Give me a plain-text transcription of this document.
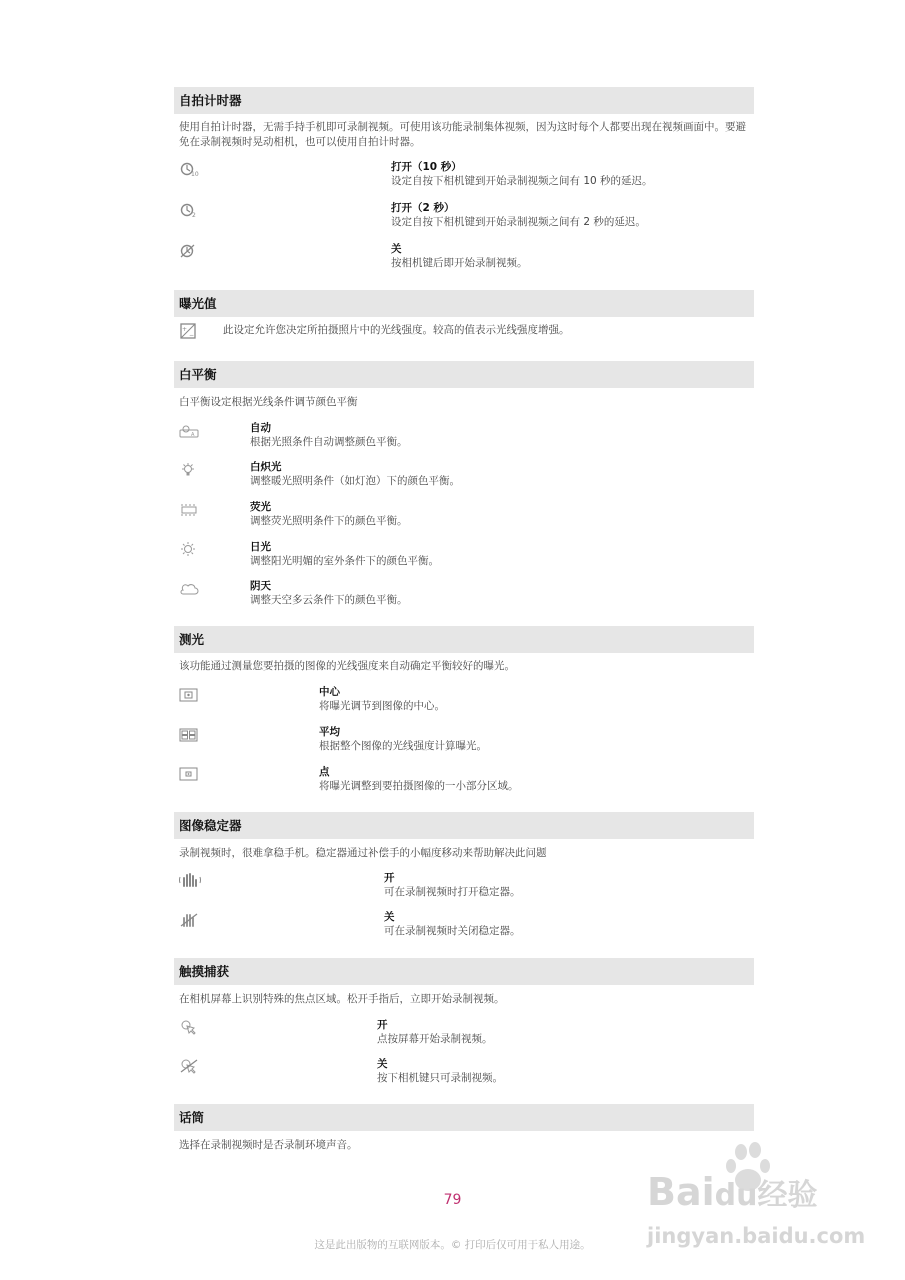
自拍计时器
使用自拍计时器，无需手持手机即可录制视频。可使用该功能录制集体视频，因为这时每个人都要出现在视频画面中。要避免在录制视频时晃动相机，也可以使用自拍计时器。
10
打开（10 秒）
设定自按下相机键到开始录制视频之间有 10 秒的延迟。
2
打开（2 秒）
设定自按下相机键到开始录制视频之间有 2 秒的延迟。
关
按相机键后即开始录制视频。
曝光值
+
−	此设定允许您决定所拍摄照片中的光线强度。较高的值表示光线强度增强。
白平衡
白平衡设定根据光线条件调节颜色平衡
A
自动
根据光照条件自动调整颜色平衡。
白炽光
调整暖光照明条件（如灯泡）下的颜色平衡。
荧光
调整荧光照明条件下的颜色平衡。
日光
调整阳光明媚的室外条件下的颜色平衡。
阴天
调整天空多云条件下的颜色平衡。
测光
该功能通过测量您要拍摄的图像的光线强度来自动确定平衡较好的曝光。
中心
将曝光调节到图像的中心。
平均
根据整个图像的光线强度计算曝光。
点
将曝光调整到要拍摄图像的一小部分区域。
图像稳定器
录制视频时，很难拿稳手机。稳定器通过补偿手的小幅度移动来帮助解决此问题
开
可在录制视频时打开稳定器。
关
可在录制视频时关闭稳定器。
触摸捕获
在相机屏幕上识别特殊的焦点区域。松开手指后，立即开始录制视频。
开
点按屏幕开始录制视频。
关
按下相机键只可录制视频。
话筒
选择在录制视频时是否录制环境声音。
79
这是此出版物的互联网版本。© 打印后仅可用于私人用途。
Baidu经验
jingyan.baidu.com
